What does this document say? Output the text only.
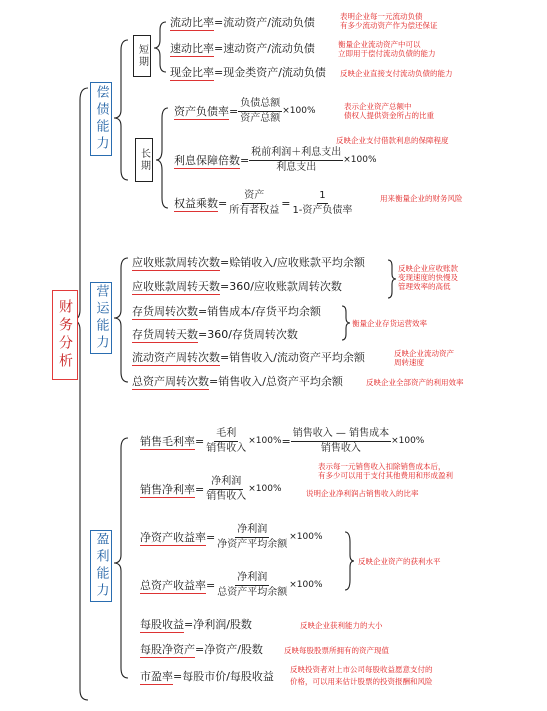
财务分析
偿债能力
营运能力
盈利能力
短期
长期
流动比率=流动资产/流动负债	表明企业每一元流动负债
有多少流动资产作为偿还保证
速动比率=速动资产/流动负债	衡量企业流动资产中可以
立即用于偿付流动负债的能力
现金比率=现金类资产/流动负债 反映企业直接支付流动负债的能力
资产负债率= $\frac{\text{负债总额}}{\text{资产总额}} \times 100\%$	表示企业资产总额中
债权人提供资金所占的比重
反映企业支付借款利息的保障程度
利息保障倍数= $\frac{\text{税前利润＋利息支出}}{\text{利息支出}} \times 100\%$
权益乘数= $\frac{\text{资产}}{\text{所有者权益}} = \frac{1}{\text{1-资产负债率}}$	用来衡量企业的财务风险
应收账款周转次数=赊销收入/应收账款平均余额
应收账款周转天数=360/应收账款周转次数
反映企业应收账款
变现速度的快慢及
管理效率的高低
存货周转次数=销售成本/存货平均余额
存货周转天数=360/存货周转次数
衡量企业存货运营效率
流动资产周转次数=销售收入/流动资产平均余额	反映企业流动资产
周转速度
总资产周转次数=销售收入/总资产平均余额	反映企业全部资产的利用效率
销售毛利率= $\frac{\text{毛利}}{\text{销售收入}} \times 100\%= \frac{\text{销售收入 — 销售成本}}{\text{销售收入}} \times 100\%$
表示每一元销售收入扣除销售成本后，
有多少可以用于支付其他费用和形成盈利
销售净利率= $\frac{\text{净利润}}{\text{销售收入}} \times 100\%$	说明企业净利润占销售收入的比率
净资产收益率= $\frac{\text{净利润}}{\text{净资产平均余额}} \times 100\%$
总资产收益率= $\frac{\text{净利润}}{\text{总资产平均余额}} \times 100\%$
反映企业资产的获利水平
每股收益=净利润/股数	反映企业获利能力的大小
每股净资产=净资产/股数	反映每股股票所拥有的资产现值
市盈率=每股市价/每股收益
反映投资者对上市公司每股收益愿意支付的
价格，可以用来估计股票的投资报酬和风险
